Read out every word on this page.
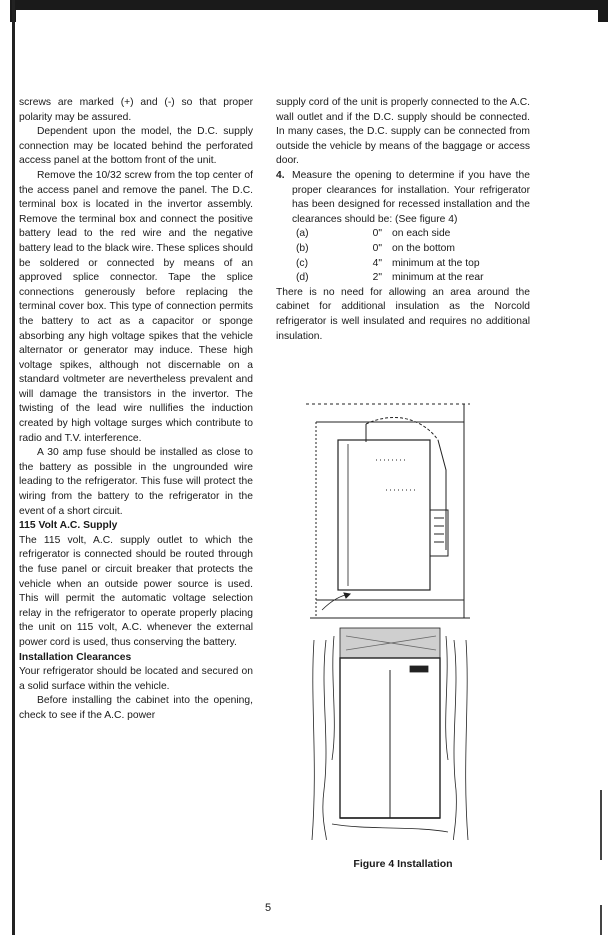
screws are marked (+) and (-) so that proper polarity may be assured.

Dependent upon the model, the D.C. supply connection may be located behind the perforated access panel at the bottom front of the unit.

Remove the 10/32 screw from the top center of the access panel and remove the panel. The D.C. terminal box is located in the invertor assembly. Remove the terminal box and connect the positive battery lead to the red wire and the negative battery lead to the black wire. These splices should be soldered or connected by means of an approved splice connector. Tape the splice connections generously before replacing the terminal cover box. This type of connection permits the battery to act as a capacitor or sponge absorbing any high voltage spikes that the vehicle alternator or generator may induce. These high voltage spikes, although not discernable on a standard voltmeter are nevertheless prevalent and will damage the transistors in the invertor. The twisting of the lead wire nullifies the induction created by high voltage surges which contribute to radio and T.V. interference.

A 30 amp fuse should be installed as close to the battery as possible in the ungrounded wire leading to the refrigerator. This fuse will protect the wiring from the battery to the refrigerator in the event of a short circuit.

115 Volt A.C. Supply

The 115 volt, A.C. supply outlet to which the refrigerator is connected should be routed through the fuse panel or circuit breaker that protects the vehicle when an outside power source is used. This will permit the automatic voltage selection relay in the refrigerator to operate properly placing the unit on 115 volt, A.C. whenever the external power cord is used, thus conserving the battery.

Installation Clearances

Your refrigerator should be located and secured on a solid surface within the vehicle.

Before installing the cabinet into the opening, check to see if the A.C. power

supply cord of the unit is properly connected to the A.C. wall outlet and if the D.C. supply should be connected. In many cases, the D.C. supply can be connected from outside the vehicle by means of the baggage or access door.

4. Measure the opening to determine if you have the proper clearances for installation. Your refrigerator has been designed for recessed installation and the clearances should be: (See figure 4)
(a)	0" on each side
(b)	0" on the bottom
(c)	4" minimum at the top
(d)	2" minimum at the rear

There is no need for allowing an area around the cabinet for additional insulation as the Norcold refrigerator is well insulated and requires no additional insulation.

Figure 4 Installation
5
